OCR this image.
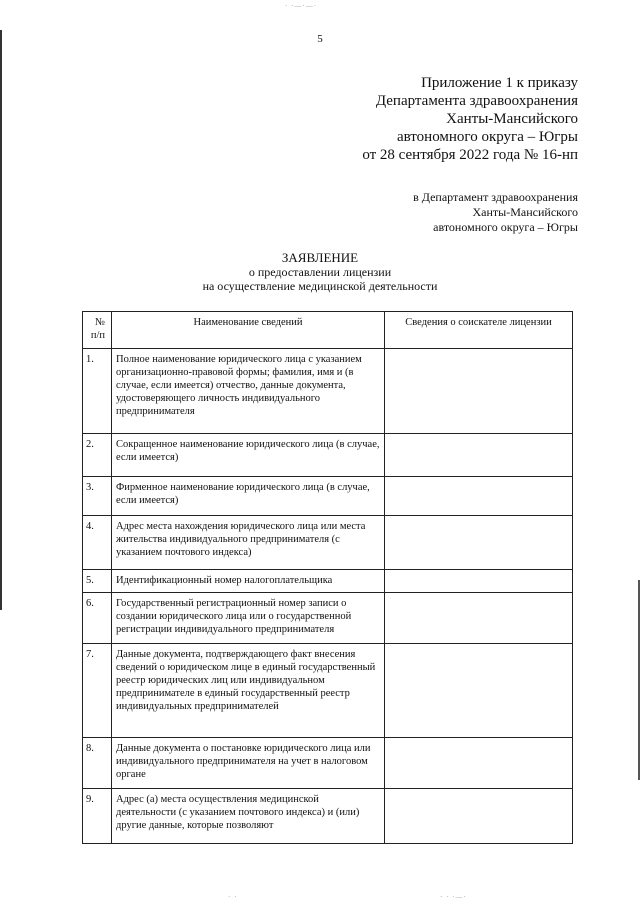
· ·—·—·
· ·	· · ·—·
5
Приложение 1 к приказу
Департамента здравоохранения
Ханты-Мансийского
автономного округа – Югры
от 28 сентября 2022 года № 16-нп
в Департамент здравоохранения
Ханты-Мансийского
автономного округа – Югры
ЗАЯВЛЕНИЕ
о предоставлении лицензии
на осуществление медицинской деятельности
№
п/п	Наименование сведений	Сведения о соискателе лицензии
1.	Полное наименование юридического лица с указанием организационно-правовой формы; фамилия, имя и (в случае, если имеется) отчество, данные документа, удостоверяющего личность индивидуального предпринимателя	
2.	Сокращенное наименование юридического лица (в случае, если имеется)	
3.	Фирменное наименование юридического лица (в случае, если имеется)	
4.	Адрес места нахождения юридического лица или места жительства индивидуального предпринимателя (с указанием почтового индекса)	
5.	Идентификационный номер налогоплательщика	
6.	Государственный регистрационный номер записи о создании юридического лица или о государственной регистрации индивидуального предпринимателя	
7.	Данные документа, подтверждающего факт внесения сведений о юридическом лице в единый государственный реестр юридических лиц или индивидуальном предпринимателе в единый государственный реестр индивидуальных предпринимателей	
8.	Данные документа о постановке юридического лица или индивидуального предпринимателя на учет в налоговом органе	
9.	Адрес (а) места осуществления медицинской деятельности (с указанием почтового индекса) и (или) другие данные, которые позволяют	
